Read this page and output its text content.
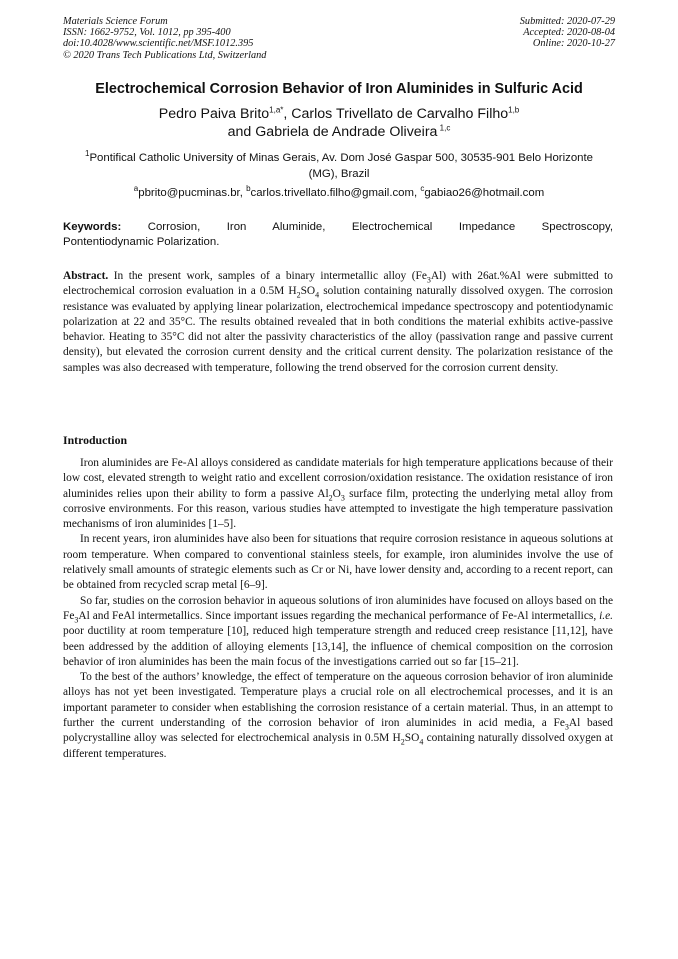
Materials Science Forum
ISSN: 1662-9752, Vol. 1012, pp 395-400
doi:10.4028/www.scientific.net/MSF.1012.395
© 2020 Trans Tech Publications Ltd, Switzerland
Submitted: 2020-07-29
Accepted: 2020-08-04
Online: 2020-10-27
Electrochemical Corrosion Behavior of Iron Aluminides in Sulfuric Acid
Pedro Paiva Brito$^{1,a*}$, Carlos Trivellato de Carvalho Filho$^{1,b}$
and Gabriela de Andrade Oliveira $^{1,c}$
$^1$Pontifical Catholic University of Minas Gerais, Av. Dom José Gaspar 500, 30535-901 Belo Horizonte (MG), Brazil
$^a$pbrito@pucminas.br, $^b$carlos.trivellato.filho@gmail.com, $^c$gabiao26@hotmail.com
Keywords: Corrosion, Iron Aluminide, Electrochemical Impedance Spectroscopy,
Pontentiodynamic Polarization.

Abstract. In the present work, samples of a binary intermetallic alloy $(Fe_3Al)$ with 26at.%Al were submitted to electrochemical corrosion evaluation in a 0.5M $H_2SO_4$ solution containing naturally dissolved oxygen. The corrosion resistance was evaluated by applying linear polarization, electrochemical impedance spectroscopy and potentiodynamic polarization at 22 and 35°C. The results obtained revealed that in both conditions the material exhibits active-passive behavior. Heating to 35°C did not alter the passivity characteristics of the alloy (passivation range and passive current density), but elevated the corrosion current density and the critical current density. The polarization resistance of the samples was also decreased with temperature, following the trend observed for the corrosion current density.

Introduction

Iron aluminides are Fe-Al alloys considered as candidate materials for high temperature applications because of their low cost, elevated strength to weight ratio and excellent corrosion/oxidation resistance. The oxidation resistance of iron aluminides relies upon their ability to form a passive $Al_2O_3$ surface film, protecting the underlying metal alloy from corrosive environments. For this reason, various studies have attempted to investigate the high temperature passivation mechanisms of iron aluminides [1–5].

In recent years, iron aluminides have also been for situations that require corrosion resistance in aqueous solutions at room temperature. When compared to conventional stainless steels, for example, iron aluminides involve the use of relatively small amounts of strategic elements such as Cr or Ni, have lower density and, according to a recent report, can be obtained from recycled scrap metal [6–9].

So far, studies on the corrosion behavior in aqueous solutions of iron aluminides have focused on alloys based on the $Fe_3Al$ and FeAl intermetallics. Since important issues regarding the mechanical performance of Fe-Al intermetallics, i.e. poor ductility at room temperature [10], reduced high temperature strength and reduced creep resistance [11,12], have been addressed by the addition of alloying elements [13,14], the influence of chemical composition on the corrosion behavior of iron aluminides has been the main focus of the investigations carried out so far [15–21].

To the best of the authors’ knowledge, the effect of temperature on the aqueous corrosion behavior of iron aluminide alloys has not yet been investigated. Temperature plays a crucial role on all electrochemical processes, and it is an important parameter to consider when establishing the corrosion resistance of a certain material. Thus, in an attempt to further the current understanding of the corrosion behavior of iron aluminides in acid media, a $Fe_3Al$ based polycrystalline alloy was selected for electrochemical analysis in 0.5M $H_2SO_4$ containing naturally dissolved oxygen at different temperatures.
